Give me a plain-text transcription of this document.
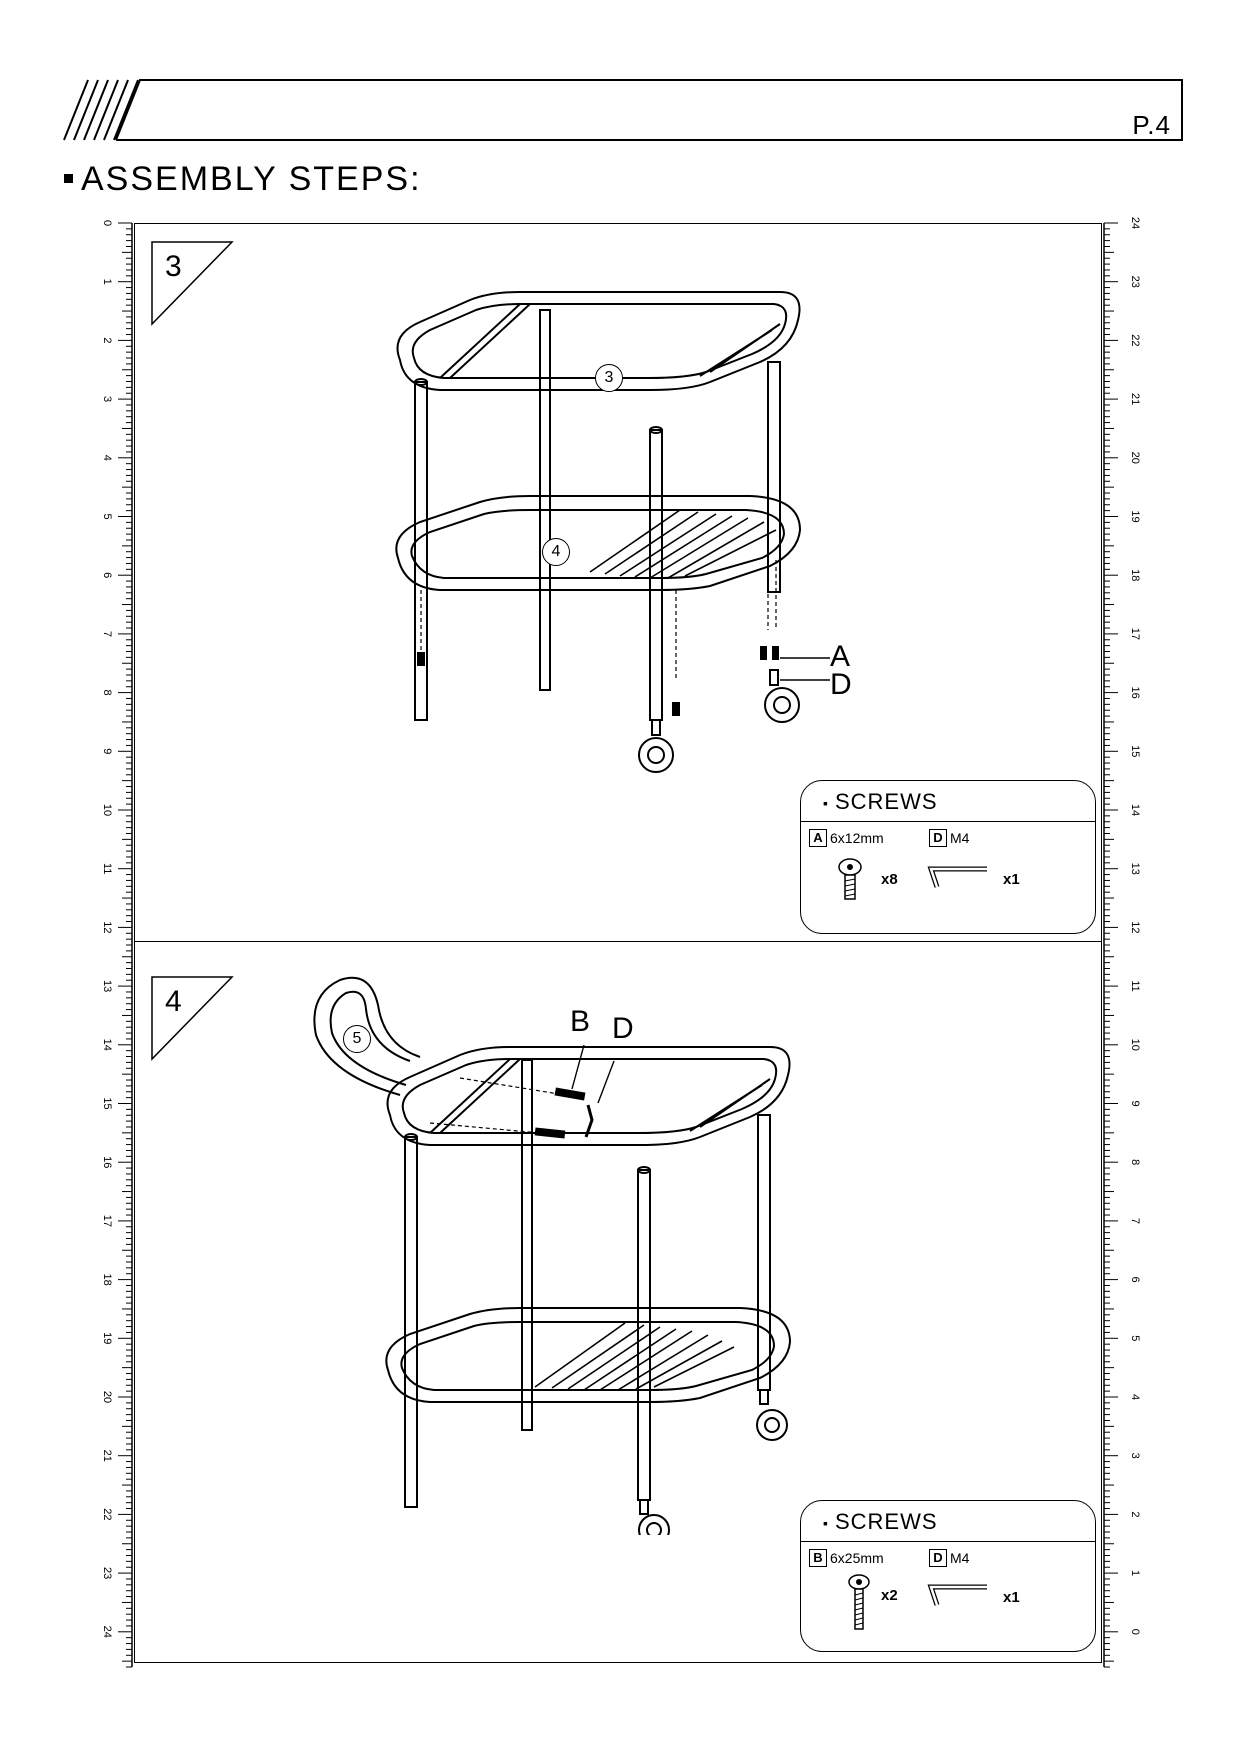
P.4
ASSEMBLY STEPS:
0
1
2
3
4
5
6
7
8
9
10
11
12
13
14
15
16
17
18
19
20
21
22
23
24
24
23
22
21
20
19
18
17
16
15
14
13
12
11
10
9
8
7
6
5
4
3
2
1
0
3
3
4
A
D
▪ SCREWS
A 6x12mm	D M4
x8	x1
4
5
B D
▪ SCREWS
B 6x25mm	D M4
x2	x1
